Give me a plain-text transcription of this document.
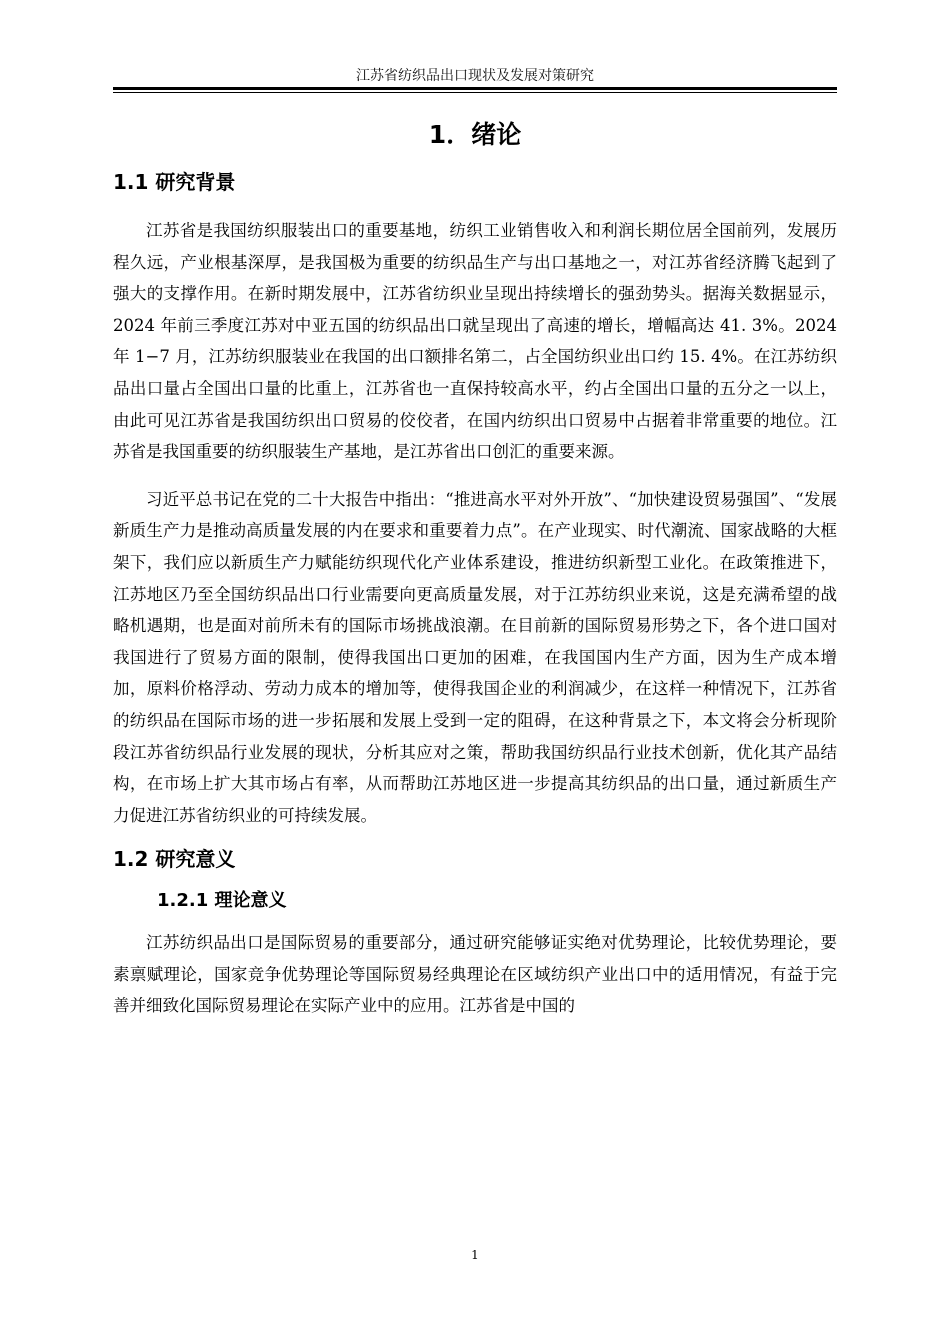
江苏省纺织品出口现状及发展对策研究
1．绪论
1.1 研究背景

江苏省是我国纺织服装出口的重要基地，纺织工业销售收入和利润长期位居全国前列，发展历程久远，产业根基深厚，是我国极为重要的纺织品生产与出口基地之一，对江苏省经济腾飞起到了强大的支撑作用。在新时期发展中，江苏省纺织业呈现出持续增长的强劲势头。据海关数据显示，2024 年前三季度江苏对中亚五国的纺织品出口就呈现出了高速的增长，增幅高达 41. 3%。2024 年 1−7 月，江苏纺织服装业在我国的出口额排名第二，占全国纺织业出口约 15. 4%。在江苏纺织品出口量占全国出口量的比重上，江苏省也一直保持较高水平，约占全国出口量的五分之一以上，由此可见江苏省是我国纺织出口贸易的佼佼者，在国内纺织出口贸易中占据着非常重要的地位。江苏省是我国重要的纺织服装生产基地，是江苏省出口创汇的重要来源。

习近平总书记在党的二十大报告中指出：“推进高水平对外开放”、“加快建设贸易强国”、“发展新质生产力是推动高质量发展的内在要求和重要着力点”。在产业现实、时代潮流、国家战略的大框架下，我们应以新质生产力赋能纺织现代化产业体系建设，推进纺织新型工业化。在政策推进下，江苏地区乃至全国纺织品出口行业需要向更高质量发展，对于江苏纺织业来说，这是充满希望的战略机遇期，也是面对前所未有的国际市场挑战浪潮。在目前新的国际贸易形势之下，各个进口国对我国进行了贸易方面的限制，使得我国出口更加的困难，在我国国内生产方面，因为生产成本增加，原料价格浮动、劳动力成本的增加等，使得我国企业的利润减少，在这样一种情况下，江苏省的纺织品在国际市场的进一步拓展和发展上受到一定的阻碍，在这种背景之下，本文将会分析现阶段江苏省纺织品行业发展的现状，分析其应对之策，帮助我国纺织品行业技术创新，优化其产品结构，在市场上扩大其市场占有率，从而帮助江苏地区进一步提高其纺织品的出口量，通过新质生产力促进江苏省纺织业的可持续发展。

1.2 研究意义
1.2.1 理论意义

江苏纺织品出口是国际贸易的重要部分，通过研究能够证实绝对优势理论，比较优势理论，要素禀赋理论，国家竞争优势理论等国际贸易经典理论在区域纺织产业出口中的适用情况，有益于完善并细致化国际贸易理论在实际产业中的应用。江苏省是中国的

1
